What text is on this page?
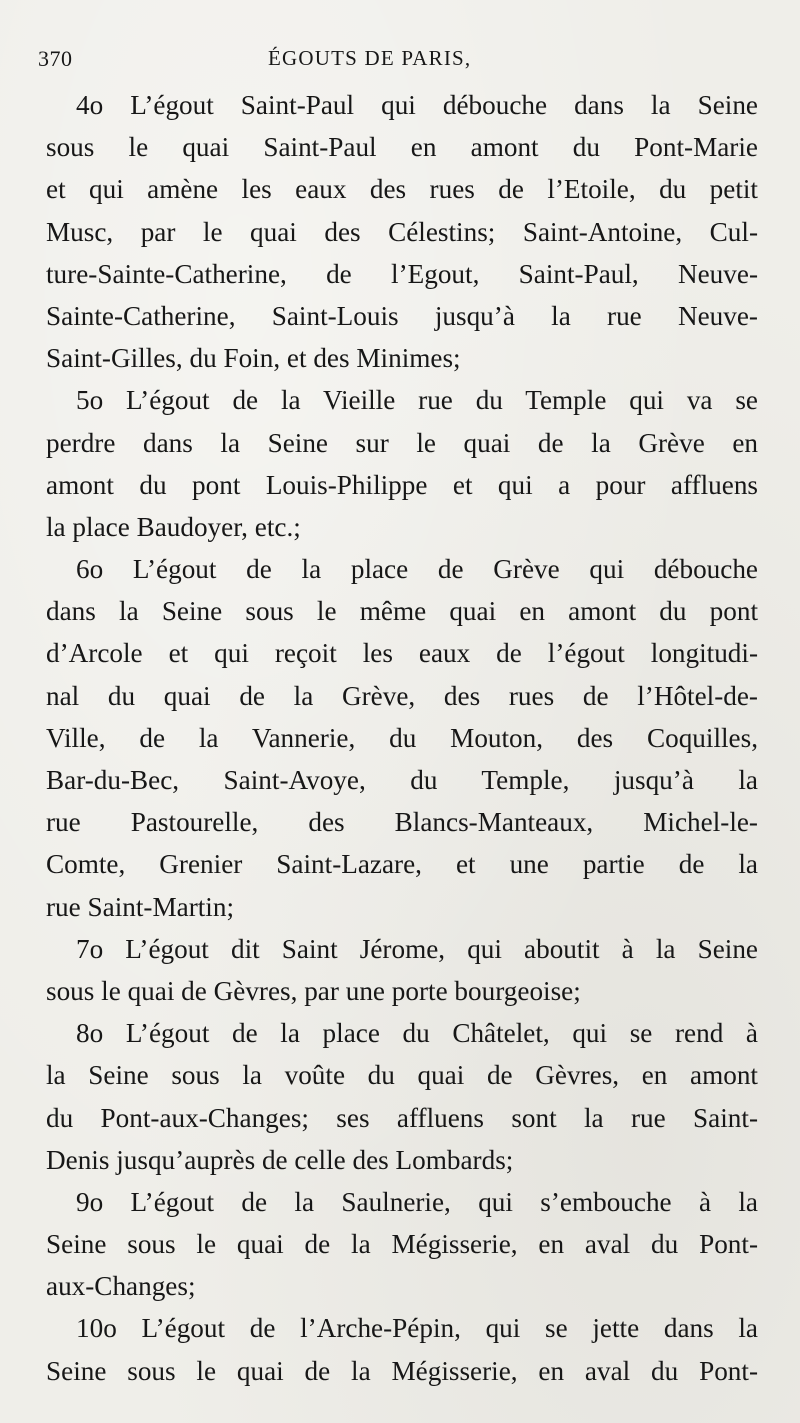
370	ÉGOUTS DE PARIS,
4o L’égout Saint-Paul qui débouche dans la Seine
sous le quai Saint-Paul en amont du Pont-Marie
et qui amène les eaux des rues de l’Etoile, du petit
Musc, par le quai des Célestins; Saint-Antoine, Cul-
ture-Sainte-Catherine, de l’Egout, Saint-Paul, Neuve-
Sainte-Catherine, Saint-Louis jusqu’à la rue Neuve-
Saint-Gilles, du Foin, et des Minimes;
5o L’égout de la Vieille rue du Temple qui va se
perdre dans la Seine sur le quai de la Grève en
amont du pont Louis-Philippe et qui a pour affluens
la place Baudoyer, etc.;
6o L’égout de la place de Grève qui débouche
dans la Seine sous le même quai en amont du pont
d’Arcole et qui reçoit les eaux de l’égout longitudi-
nal du quai de la Grève, des rues de l’Hôtel-de-
Ville, de la Vannerie, du Mouton, des Coquilles,
Bar-du-Bec, Saint-Avoye, du Temple, jusqu’à la
rue Pastourelle, des Blancs-Manteaux, Michel-le-
Comte, Grenier Saint-Lazare, et une partie de la
rue Saint-Martin;
7o L’égout dit Saint Jérome, qui aboutit à la Seine
sous le quai de Gèvres, par une porte bourgeoise;
8o L’égout de la place du Châtelet, qui se rend à
la Seine sous la voûte du quai de Gèvres, en amont
du Pont-aux-Changes; ses affluens sont la rue Saint-
Denis jusqu’auprès de celle des Lombards;
9o L’égout de la Saulnerie, qui s’embouche à la
Seine sous le quai de la Mégisserie, en aval du Pont-
aux-Changes;
10o L’égout de l’Arche-Pépin, qui se jette dans la
Seine sous le quai de la Mégisserie, en aval du Pont-
